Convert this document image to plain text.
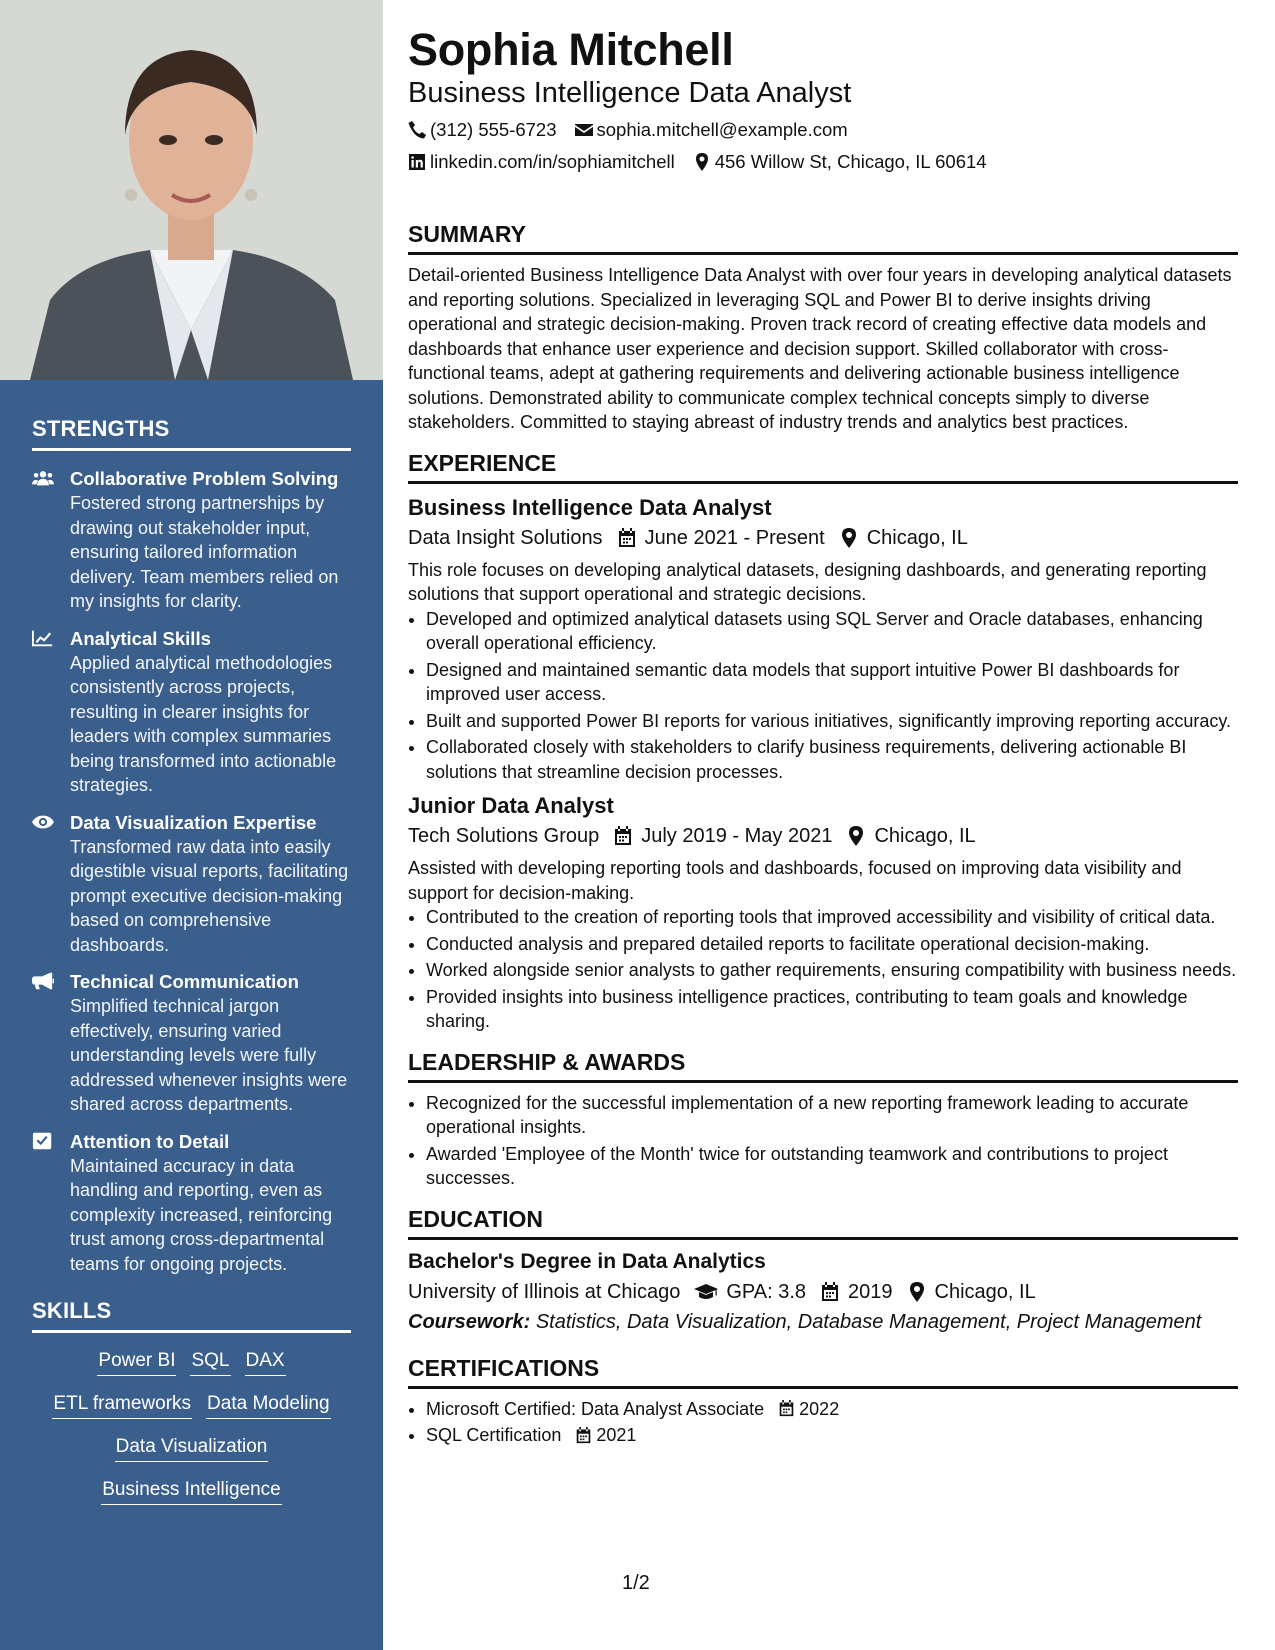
STRENGTHS
Collaborative Problem Solving
Fostered strong partnerships by drawing out stakeholder input, ensuring tailored information delivery. Team members relied on my insights for clarity.
Analytical Skills
Applied analytical methodologies consistently across projects, resulting in clearer insights for leaders with complex summaries being transformed into actionable strategies.
Data Visualization Expertise
Transformed raw data into easily digestible visual reports, facilitating prompt executive decision-making based on comprehensive dashboards.
Technical Communication
Simplified technical jargon effectively, ensuring varied understanding levels were fully addressed whenever insights were shared across departments.
Attention to Detail
Maintained accuracy in data handling and reporting, even as complexity increased, reinforcing trust among cross-departmental teams for ongoing projects.
SKILLS
Power BI SQL DAX
ETL frameworks Data Modeling
Data Visualization
Business Intelligence
Sophia Mitchell
Business Intelligence Data Analyst
(312) 555-6723 sophia.mitchell@example.com
linkedin.com/in/sophiamitchell 456 Willow St, Chicago, IL 60614
SUMMARY
Detail-oriented Business Intelligence Data Analyst with over four years in developing analytical datasets and reporting solutions. Specialized in leveraging SQL and Power BI to derive insights driving operational and strategic decision-making. Proven track record of creating effective data models and dashboards that enhance user experience and decision support. Skilled collaborator with cross-functional teams, adept at gathering requirements and delivering actionable business intelligence solutions. Demonstrated ability to communicate complex technical concepts simply to diverse stakeholders. Committed to staying abreast of industry trends and analytics best practices.
EXPERIENCE
Business Intelligence Data Analyst
Data Insight Solutions June 2021 - Present Chicago, IL
This role focuses on developing analytical datasets, designing dashboards, and generating reporting solutions that support operational and strategic decisions.
• Developed and optimized analytical datasets using SQL Server and Oracle databases, enhancing overall operational efficiency.
• Designed and maintained semantic data models that support intuitive Power BI dashboards for improved user access.
• Built and supported Power BI reports for various initiatives, significantly improving reporting accuracy.
• Collaborated closely with stakeholders to clarify business requirements, delivering actionable BI solutions that streamline decision processes.
Junior Data Analyst
Tech Solutions Group July 2019 - May 2021 Chicago, IL
Assisted with developing reporting tools and dashboards, focused on improving data visibility and support for decision-making.
• Contributed to the creation of reporting tools that improved accessibility and visibility of critical data.
• Conducted analysis and prepared detailed reports to facilitate operational decision-making.
• Worked alongside senior analysts to gather requirements, ensuring compatibility with business needs.
• Provided insights into business intelligence practices, contributing to team goals and knowledge sharing.
LEADERSHIP & AWARDS
• Recognized for the successful implementation of a new reporting framework leading to accurate operational insights.
• Awarded 'Employee of the Month' twice for outstanding teamwork and contributions to project successes.
EDUCATION
Bachelor's Degree in Data Analytics
University of Illinois at Chicago GPA: 3.8 2019 Chicago, IL
Coursework: Statistics, Data Visualization, Database Management, Project Management
CERTIFICATIONS
• Microsoft Certified: Data Analyst Associate 2022
• SQL Certification 2021
1/2
